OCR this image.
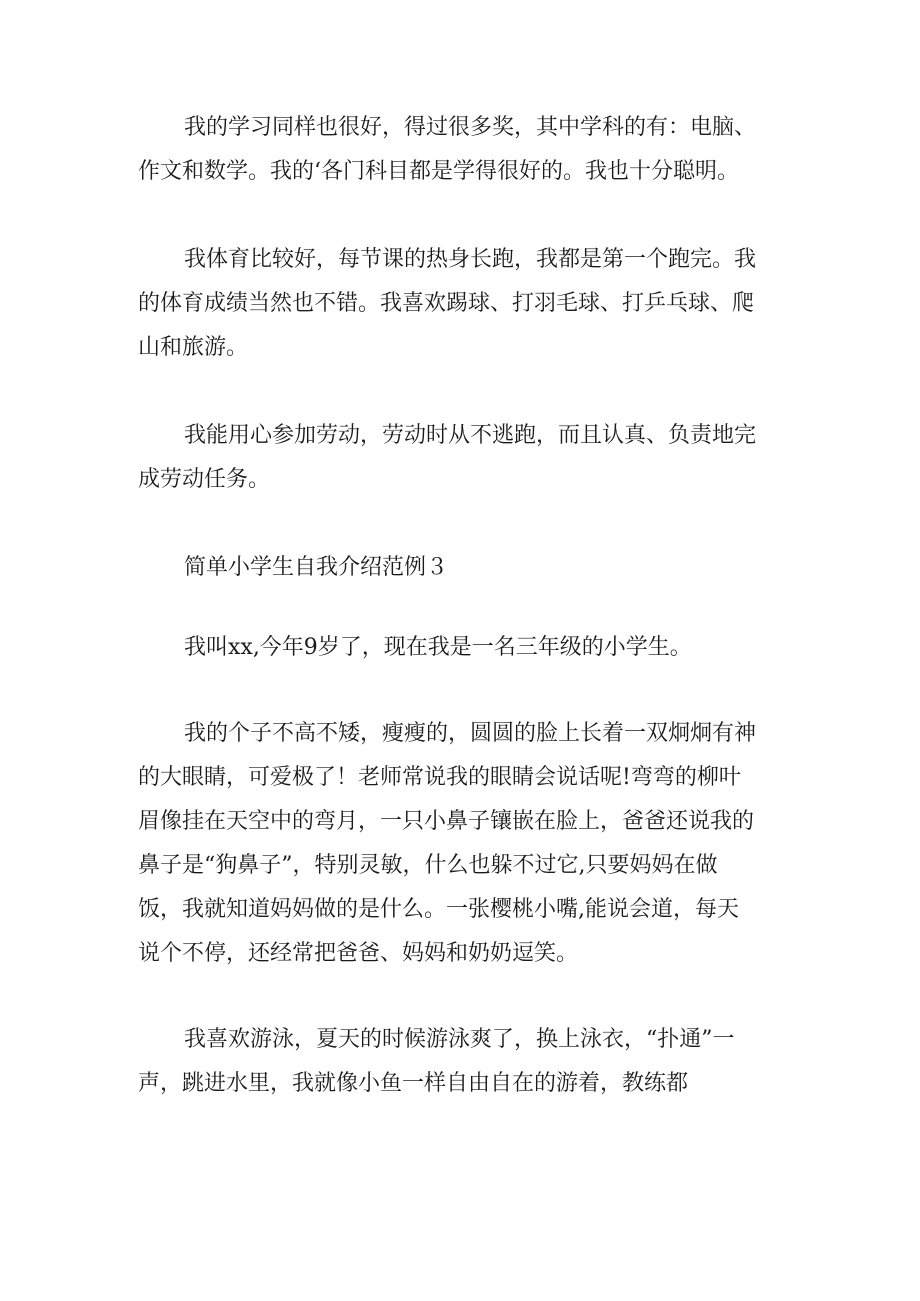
我的学习同样也很好，得过很多奖，其中学科的有：电脑、
作文和数学。我的‘各门科目都是学得很好的。我也十分聪明。

我体育比较好，每节课的热身长跑，我都是第一个跑完。我
的体育成绩当然也不错。我喜欢踢球、打羽毛球、打乒乓球、爬
山和旅游。

我能用心参加劳动，劳动时从不逃跑，而且认真、负责地完
成劳动任务。

简单小学生自我介绍范例３

我叫xx,今年9岁了，现在我是一名三年级的小学生。

我的个子不高不矮，瘦瘦的，圆圆的脸上长着一双炯炯有神
的大眼睛，可爱极了！老师常说我的眼睛会说话呢!弯弯的柳叶
眉像挂在天空中的弯月，一只小鼻子镶嵌在脸上，爸爸还说我的
鼻子是“狗鼻子”，特别灵敏，什么也躲不过它,只要妈妈在做
饭，我就知道妈妈做的是什么。一张樱桃小嘴,能说会道，每天
说个不停，还经常把爸爸、妈妈和奶奶逗笑。

我喜欢游泳，夏天的时候游泳爽了，换上泳衣，“扑通”一
声，跳进水里，我就像小鱼一样自由自在的游着，教练都
